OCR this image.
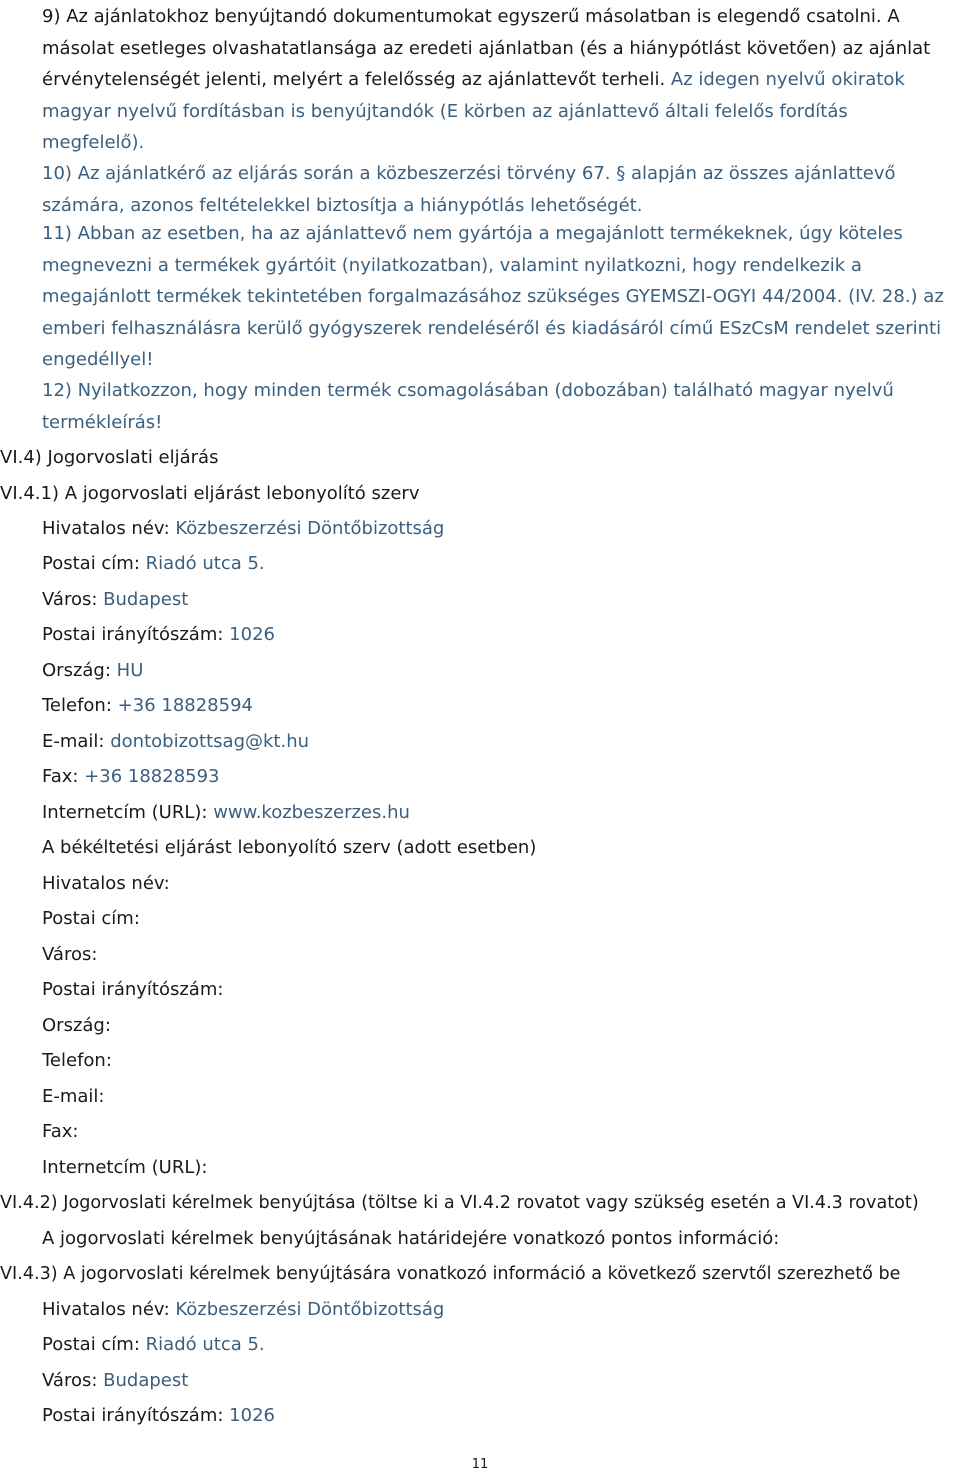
9) Az ajánlatokhoz benyújtandó dokumentumokat egyszerű másolatban is elegendő csatolni. A másolat esetleges olvashatatlansága az eredeti ajánlatban (és a hiánypótlást követően) az ajánlat érvénytelenségét jelenti, melyért a felelősség az ajánlattevőt terheli. Az idegen nyelvű okiratok magyar nyelvű fordításban is benyújtandók (E körben az ajánlattevő általi felelős fordítás megfelelő).

10) Az ajánlatkérő az eljárás során a közbeszerzési törvény 67. § alapján az összes ajánlattevő számára, azonos feltételekkel biztosítja a hiánypótlás lehetőségét.

11) Abban az esetben, ha az ajánlattevő nem gyártója a megajánlott termékeknek, úgy köteles megnevezni a termékek gyártóit (nyilatkozatban), valamint nyilatkozni, hogy rendelkezik a megajánlott termékek tekintetében forgalmazásához szükséges GYEMSZI-OGYI 44/2004. (IV. 28.) az emberi felhasználásra kerülő gyógyszerek rendeléséről és kiadásáról című ESzCsM rendelet szerinti engedéllyel!

12) Nyilatkozzon, hogy minden termék csomagolásában (dobozában) található magyar nyelvű termékleírás!

VI.4) Jogorvoslati eljárás
VI.4.1) A jogorvoslati eljárást lebonyolító szerv
Hivatalos név: Közbeszerzési Döntőbizottság
Postai cím: Riadó utca 5.
Város: Budapest
Postai irányítószám: 1026
Ország: HU
Telefon: +36 18828594
E-mail: dontobizottsag@kt.hu
Fax: +36 18828593
Internetcím (URL): www.kozbeszerzes.hu
A békéltetési eljárást lebonyolító szerv (adott esetben)
Hivatalos név:
Postai cím:
Város:
Postai irányítószám:
Ország:
Telefon:
E-mail:
Fax:
Internetcím (URL):
VI.4.2) Jogorvoslati kérelmek benyújtása (töltse ki a VI.4.2 rovatot vagy szükség esetén a VI.4.3 rovatot)
A jogorvoslati kérelmek benyújtásának határidejére vonatkozó pontos információ:
VI.4.3) A jogorvoslati kérelmek benyújtására vonatkozó információ a következő szervtől szerezhető be
Hivatalos név: Közbeszerzési Döntőbizottság
Postai cím: Riadó utca 5.
Város: Budapest
Postai irányítószám: 1026
11
